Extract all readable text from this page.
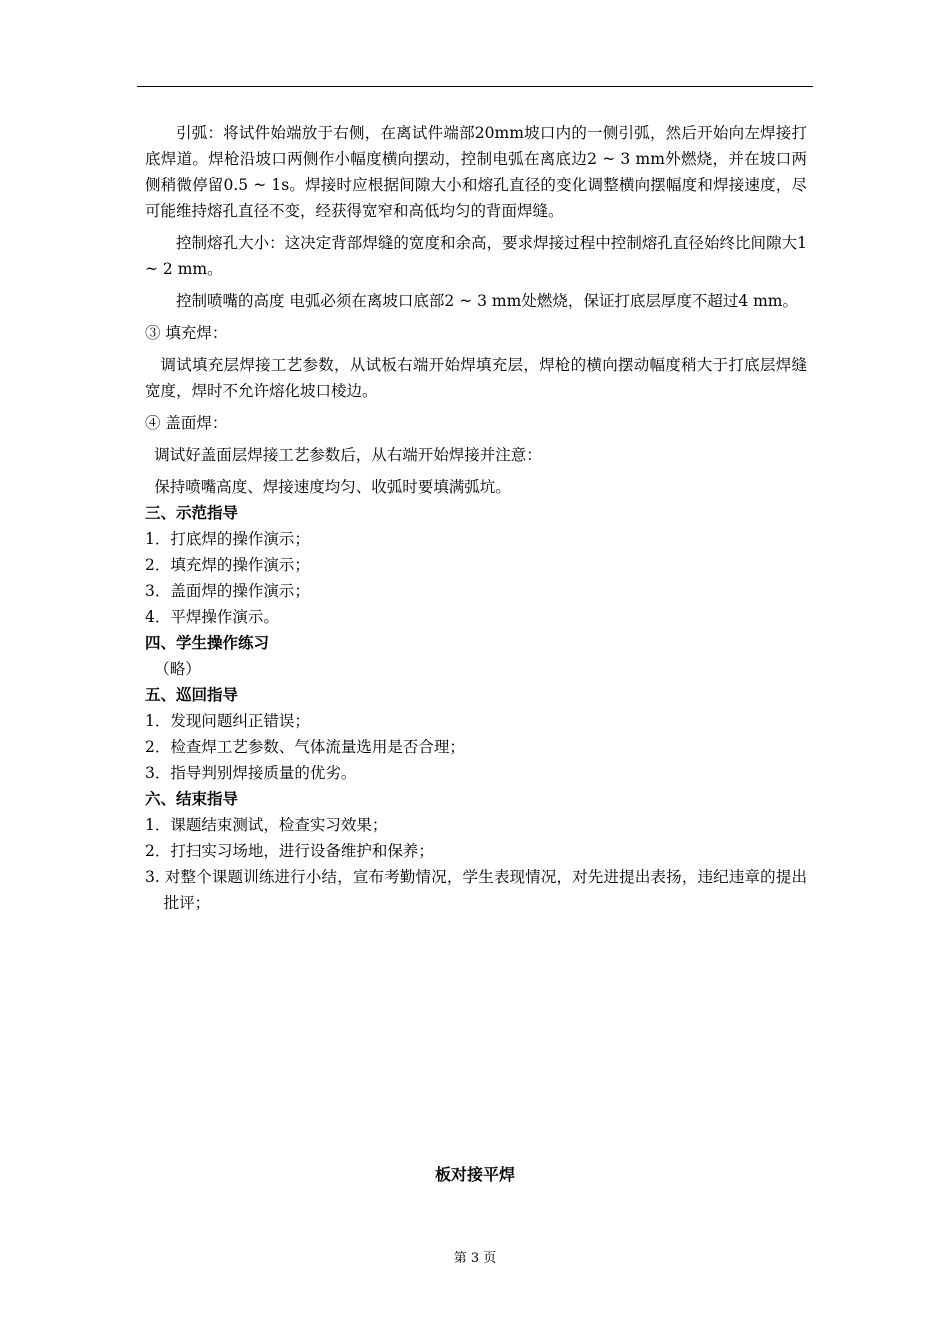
引弧：将试件始端放于右侧，在离试件端部20mm坡口内的一侧引弧，然后开始向左焊接打底焊道。焊枪沿坡口两侧作小幅度横向摆动，控制电弧在离底边2 ~ 3 mm外燃烧，并在坡口两侧稍微停留0.5 ~ 1s。焊接时应根据间隙大小和熔孔直径的变化调整横向摆幅度和焊接速度，尽可能维持熔孔直径不变，经获得宽窄和高低均匀的背面焊缝。

控制熔孔大小：这决定背部焊缝的宽度和余高，要求焊接过程中控制熔孔直径始终比间隙大1 ~ 2 mm。

控制喷嘴的高度 电弧必须在离坡口底部2 ~ 3 mm处燃烧，保证打底层厚度不超过4 mm。

③ 填充焊：

调试填充层焊接工艺参数，从试板右端开始焊填充层，焊枪的横向摆动幅度稍大于打底层焊缝宽度，焊时不允许熔化坡口棱边。

④ 盖面焊：

调试好盖面层焊接工艺参数后，从右端开始焊接并注意：

保持喷嘴高度、焊接速度均匀、收弧时要填满弧坑。

三、示范指导

1．打底焊的操作演示；

2．填充焊的操作演示；

3．盖面焊的操作演示；

4．平焊操作演示。

四、学生操作练习

（略）

五、巡回指导

1．发现问题纠正错误；

2．检查焊工艺参数、气体流量选用是否合理；

3．指导判别焊接质量的优劣。

六、结束指导

1．课题结束测试，检查实习效果；

2．打扫实习场地，进行设备维护和保养；

3. 对整个课题训练进行小结，宣布考勤情况，学生表现情况，对先进提出表扬，违纪违章的提出批评；

板对接平焊
第 3 页
